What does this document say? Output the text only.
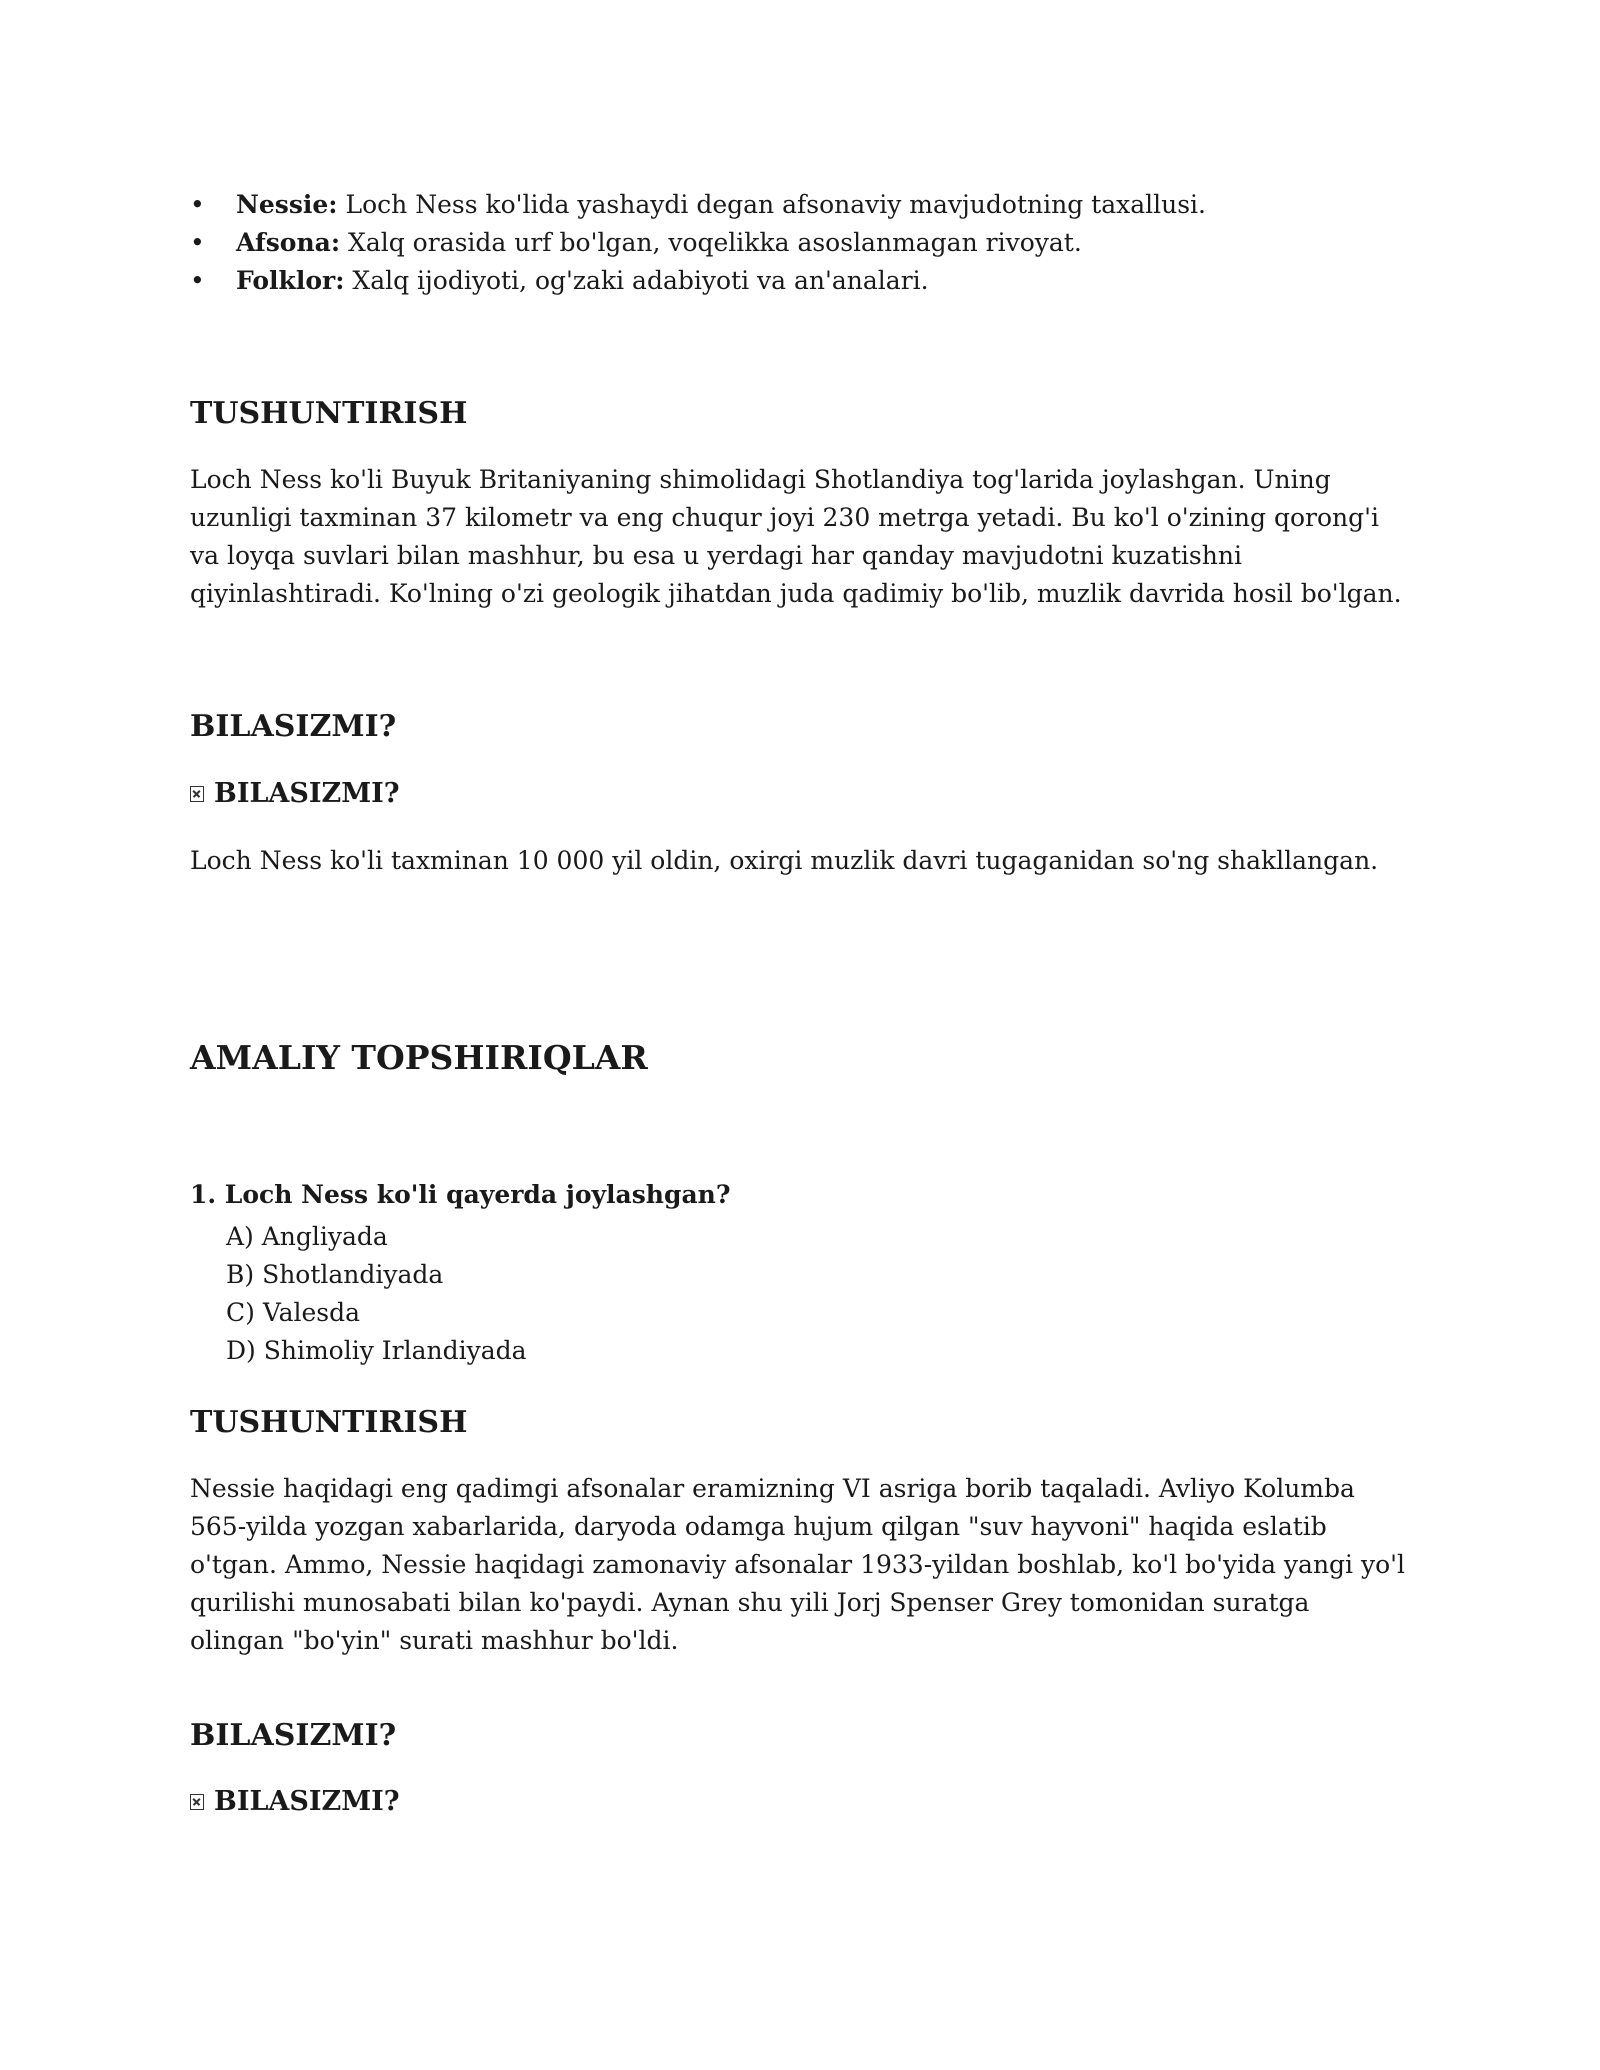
• Nessie: Loch Ness ko'lida yashaydi degan afsonaviy mavjudotning taxallusi.
• Afsona: Xalq orasida urf bo'lgan, voqelikka asoslanmagan rivoyat.
• Folklor: Xalq ijodiyoti, og'zaki adabiyoti va an'analari.
TUSHUNTIRISH

Loch Ness ko'li Buyuk Britaniyaning shimolidagi Shotlandiya tog'larida joylashgan. Uning uzunligi taxminan 37 kilometr va eng chuqur joyi 230 metrga yetadi. Bu ko'l o'zining qorong'i va loyqa suvlari bilan mashhur, bu esa u yerdagi har qanday mavjudotni kuzatishni qiyinlashtiradi. Ko'lning o'zi geologik jihatdan juda qadimiy bo'lib, muzlik davrida hosil bo'lgan.

BILASIZMI?
BILASIZMI?

Loch Ness ko'li taxminan 10 000 yil oldin, oxirgi muzlik davri tugaganidan so'ng shakllangan.

AMALIY TOPSHIRIQLAR

1. Loch Ness ko'li qayerda joylashgan?

A) Angliyada
B) Shotlandiyada
C) Valesda
D) Shimoliy Irlandiyada
TUSHUNTIRISH

Nessie haqidagi eng qadimgi afsonalar eramizning VI asriga borib taqaladi. Avliyo Kolumba 565-yilda yozgan xabarlarida, daryoda odamga hujum qilgan "suv hayvoni" haqida eslatib o'tgan. Ammo, Nessie haqidagi zamonaviy afsonalar 1933-yildan boshlab, ko'l bo'yida yangi yo'l qurilishi munosabati bilan ko'paydi. Aynan shu yili Jorj Spenser Grey tomonidan suratga olingan "bo'yin" surati mashhur bo'ldi.

BILASIZMI?
BILASIZMI?
